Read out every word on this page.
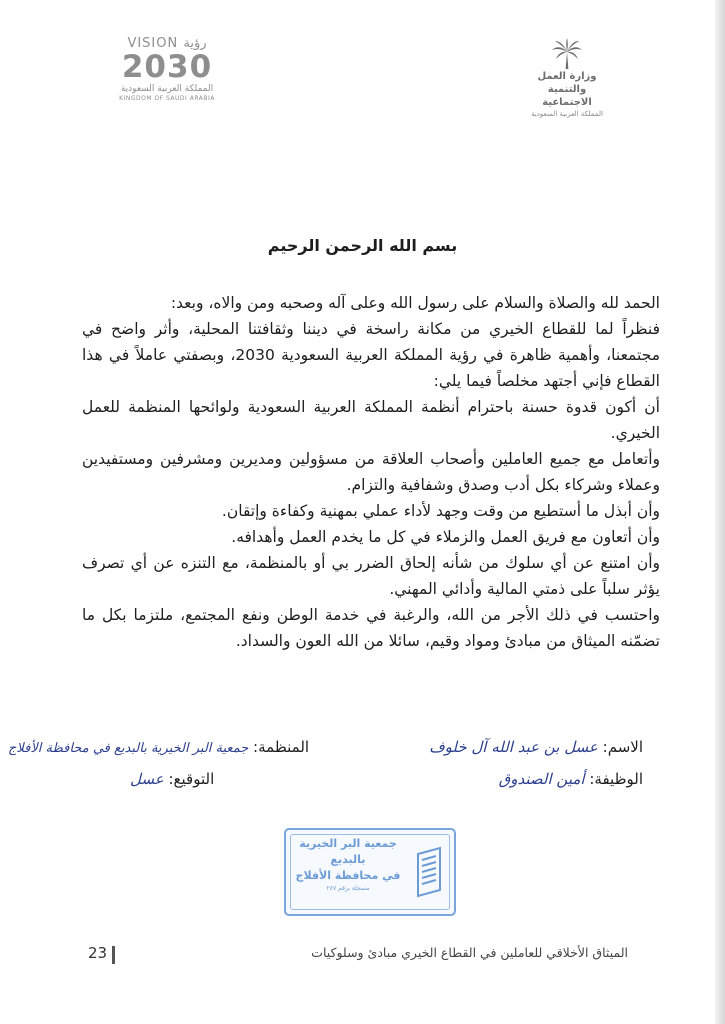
VISION رؤية
2030
المملكة العربية السعودية
KINGDOM OF SAUDI ARABIA
وزارة العمل
والتنمية الاجتماعية
المملكة العربية السعودية
بسم الله الرحمن الرحيم

الحمد لله والصلاة والسلام على رسول الله وعلى آله وصحبه ومن والاه، وبعد:

فنظراً لما للقطاع الخيري من مكانة راسخة في ديننا وثقافتنا المحلية، وأثر واضح في مجتمعنا، وأهمية ظاهرة في رؤية المملكة العربية السعودية 2030، وبصفتي عاملاً في هذا القطاع فإني أجتهد مخلصاً فيما يلي:

أن أكون قدوة حسنة باحترام أنظمة المملكة العربية السعودية ولوائحها المنظمة للعمل الخيري.

وأتعامل مع جميع العاملين وأصحاب العلاقة من مسؤولين ومديرين ومشرفين ومستفيدين وعملاء وشركاء بكل أدب وصدق وشفافية والتزام.

وأن أبذل ما أستطيع من وقت وجهد لأداء عملي بمهنية وكفاءة وإتقان.

وأن أتعاون مع فريق العمل والزملاء في كل ما يخدم العمل وأهدافه.

وأن امتنع عن أي سلوك من شأنه إلحاق الضرر بي أو بالمنظمة، مع التنزه عن أي تصرف يؤثر سلباً على ذمتي المالية وأدائي المهني.

واحتسب في ذلك الأجر من الله، والرغبة في خدمة الوطن ونفع المجتمع، ملتزما بكل ما تضمّنه الميثاق من مبادئ ومواد وقيم، سائلا من الله العون والسداد.

الاسم: عسل بن عبد الله آل خلوف
الوظيفة: أمين الصندوق
المنظمة: جمعية البر الخيرية بالبديع في محافظة الأفلاج
التوقيع: عسل
جمعية البر الخيرية
بالبديع
في محافظة الأفلاج
مسجلة برقم ٢٤٧
الميثاق الأخلاقي للعاملين في القطاع الخيري مبادئ وسلوكيات
23
